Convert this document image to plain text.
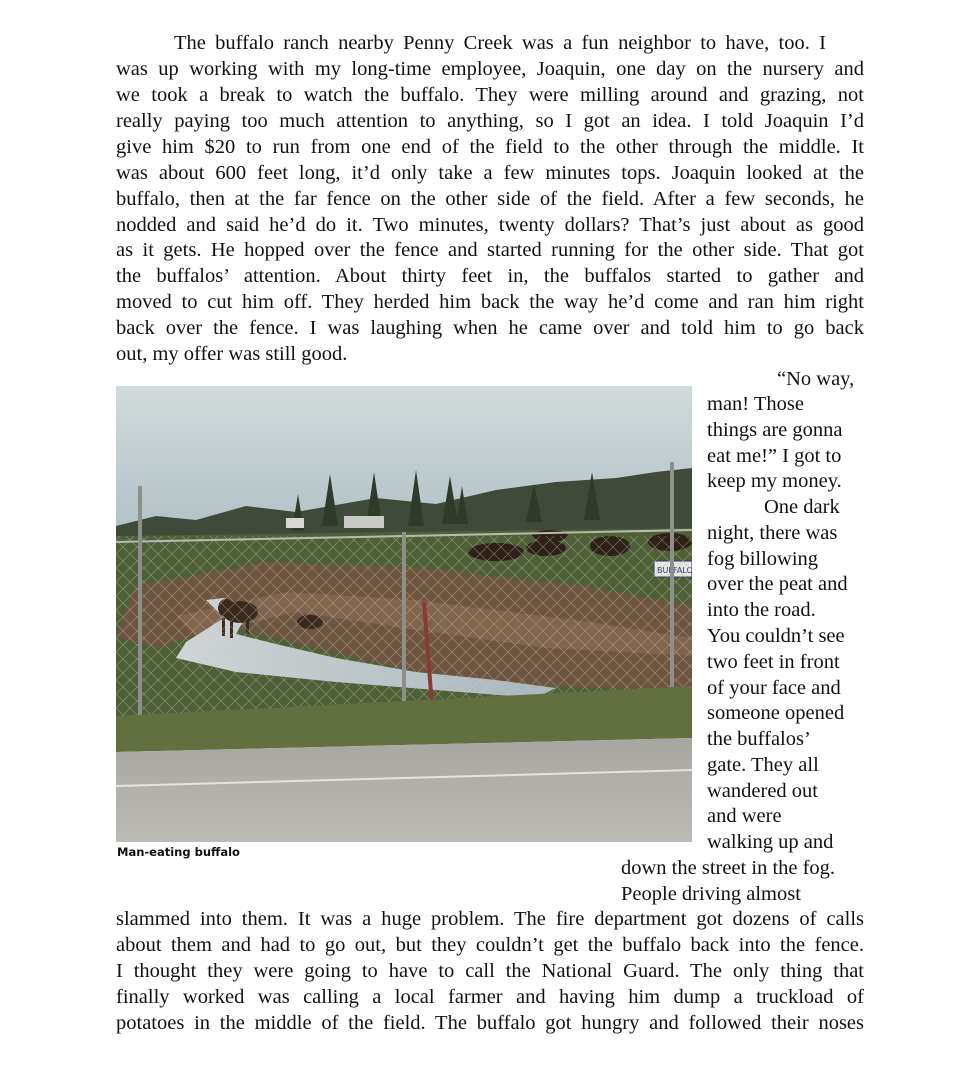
The buffalo ranch nearby Penny Creek was a fun neighbor to have, too. I
was up working with my long-time employee, Joaquin, one day on the nursery and
we took a break to watch the buffalo. They were milling around and grazing, not
really paying too much attention to anything, so I got an idea. I told Joaquin I’d
give him $20 to run from one end of the field to the other through the middle. It
was about 600 feet long, it’d only take a few minutes tops. Joaquin looked at the
buffalo, then at the far fence on the other side of the field. After a few seconds, he
nodded and said he’d do it. Two minutes, twenty dollars? That’s just about as good
as it gets. He hopped over the fence and started running for the other side. That got
the buffalos’ attention. About thirty feet in, the buffalos started to gather and
moved to cut him off. They herded him back the way he’d come and ran him right
back over the fence. I was laughing when he came over and told him to go back
out, my offer was still good.
Man-eating buffalo
“No way,
man! Those
things are gonna
eat me!” I got to
keep my money.
One dark
night, there was
fog billowing
over the peat and
into the road.
You couldn’t see
two feet in front
of your face and
someone opened
the buffalos’
gate. They all
wandered out
and were
walking up and
down the street in the fog.
People driving almost
slammed into them. It was a huge problem. The fire department got dozens of calls
about them and had to go out, but they couldn’t get the buffalo back into the fence.
I thought they were going to have to call the National Guard. The only thing that
finally worked was calling a local farmer and having him dump a truckload of
potatoes in the middle of the field. The buffalo got hungry and followed their noses
